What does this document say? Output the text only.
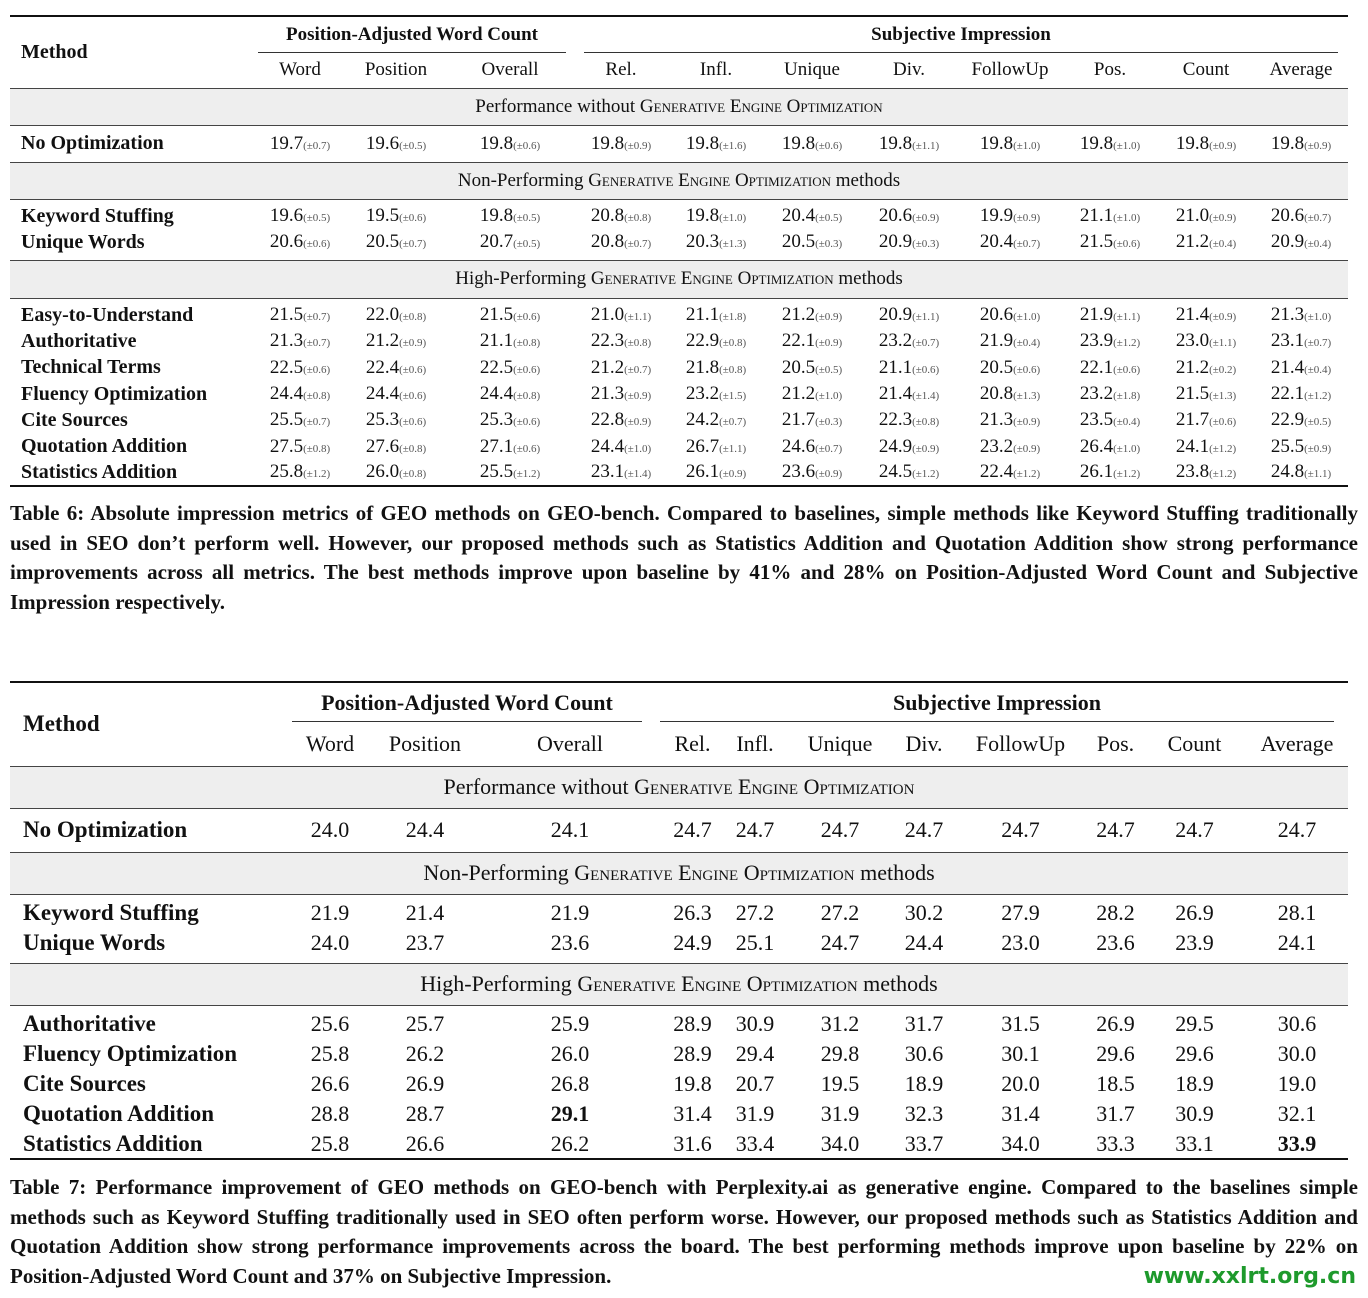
Method	Position-Adjusted Word Count			Subjective Impression							

	Word	Position	Overall	Rel.	Infl.	Unique	Div.	FollowUp	Pos.	Count	Average
Performance without Generative Engine Optimization											

No Optimization	19.7(±0.7)	19.6(±0.5)	19.8(±0.6)	19.8(±0.9)	19.8(±1.6)	19.8(±0.6)	19.8(±1.1)	19.8(±1.0)	19.8(±1.0)	19.8(±0.9)	19.8(±0.9)

Non-Performing Generative Engine Optimization methods											

Keyword Stuffing	19.6(±0.5)	19.5(±0.6)	19.8(±0.5)	20.8(±0.8)	19.8(±1.0)	20.4(±0.5)	20.6(±0.9)	19.9(±0.9)	21.1(±1.0)	21.0(±0.9)	20.6(±0.7)
Unique Words	20.6(±0.6)	20.5(±0.7)	20.7(±0.5)	20.8(±0.7)	20.3(±1.3)	20.5(±0.3)	20.9(±0.3)	20.4(±0.7)	21.5(±0.6)	21.2(±0.4)	20.9(±0.4)

High-Performing Generative Engine Optimization methods											

Easy-to-Understand	21.5(±0.7)	22.0(±0.8)	21.5(±0.6)	21.0(±1.1)	21.1(±1.8)	21.2(±0.9)	20.9(±1.1)	20.6(±1.0)	21.9(±1.1)	21.4(±0.9)	21.3(±1.0)
Authoritative	21.3(±0.7)	21.2(±0.9)	21.1(±0.8)	22.3(±0.8)	22.9(±0.8)	22.1(±0.9)	23.2(±0.7)	21.9(±0.4)	23.9(±1.2)	23.0(±1.1)	23.1(±0.7)
Technical Terms	22.5(±0.6)	22.4(±0.6)	22.5(±0.6)	21.2(±0.7)	21.8(±0.8)	20.5(±0.5)	21.1(±0.6)	20.5(±0.6)	22.1(±0.6)	21.2(±0.2)	21.4(±0.4)
Fluency Optimization	24.4(±0.8)	24.4(±0.6)	24.4(±0.8)	21.3(±0.9)	23.2(±1.5)	21.2(±1.0)	21.4(±1.4)	20.8(±1.3)	23.2(±1.8)	21.5(±1.3)	22.1(±1.2)
Cite Sources	25.5(±0.7)	25.3(±0.6)	25.3(±0.6)	22.8(±0.9)	24.2(±0.7)	21.7(±0.3)	22.3(±0.8)	21.3(±0.9)	23.5(±0.4)	21.7(±0.6)	22.9(±0.5)
Quotation Addition	27.5(±0.8)	27.6(±0.8)	27.1(±0.6)	24.4(±1.0)	26.7(±1.1)	24.6(±0.7)	24.9(±0.9)	23.2(±0.9)	26.4(±1.0)	24.1(±1.2)	25.5(±0.9)
Statistics Addition	25.8(±1.2)	26.0(±0.8)	25.5(±1.2)	23.1(±1.4)	26.1(±0.9)	23.6(±0.9)	24.5(±1.2)	22.4(±1.2)	26.1(±1.2)	23.8(±1.2)	24.8(±1.1)
Table 6: Absolute impression metrics of GEO methods on GEO-bench. Compared to baselines, simple methods like Keyword Stuffing traditionally used in SEO don’t perform well. However, our proposed methods such as Statistics Addition and Quotation Addition show strong performance improvements across all metrics. The best methods improve upon baseline by 41% and 28% on Position-Adjusted Word Count and Subjective Impression respectively.
Method	Position-Adjusted Word Count			Subjective Impression							

	Word	Position	Overall	Rel.	Infl.	Unique	Div.	FollowUp	Pos.	Count	Average
Performance without Generative Engine Optimization											

No Optimization	24.0	24.4	24.1	24.7	24.7	24.7	24.7	24.7	24.7	24.7	24.7

Non-Performing Generative Engine Optimization methods											

Keyword Stuffing	21.9	21.4	21.9	26.3	27.2	27.2	30.2	27.9	28.2	26.9	28.1
Unique Words	24.0	23.7	23.6	24.9	25.1	24.7	24.4	23.0	23.6	23.9	24.1

High-Performing Generative Engine Optimization methods											

Authoritative	25.6	25.7	25.9	28.9	30.9	31.2	31.7	31.5	26.9	29.5	30.6
Fluency Optimization	25.8	26.2	26.0	28.9	29.4	29.8	30.6	30.1	29.6	29.6	30.0
Cite Sources	26.6	26.9	26.8	19.8	20.7	19.5	18.9	20.0	18.5	18.9	19.0
Quotation Addition	28.8	28.7	29.1	31.4	31.9	31.9	32.3	31.4	31.7	30.9	32.1
Statistics Addition	25.8	26.6	26.2	31.6	33.4	34.0	33.7	34.0	33.3	33.1	33.9
Table 7: Performance improvement of GEO methods on GEO-bench with Perplexity.ai as generative engine. Compared to the baselines simple methods such as Keyword Stuffing traditionally used in SEO often perform worse. However, our proposed methods such as Statistics Addition and Quotation Addition show strong performance improvements across the board. The best performing methods improve upon baseline by 22% on Position-Adjusted Word Count and 37% on Subjective Impression.	www.xxlrt.org.cn
